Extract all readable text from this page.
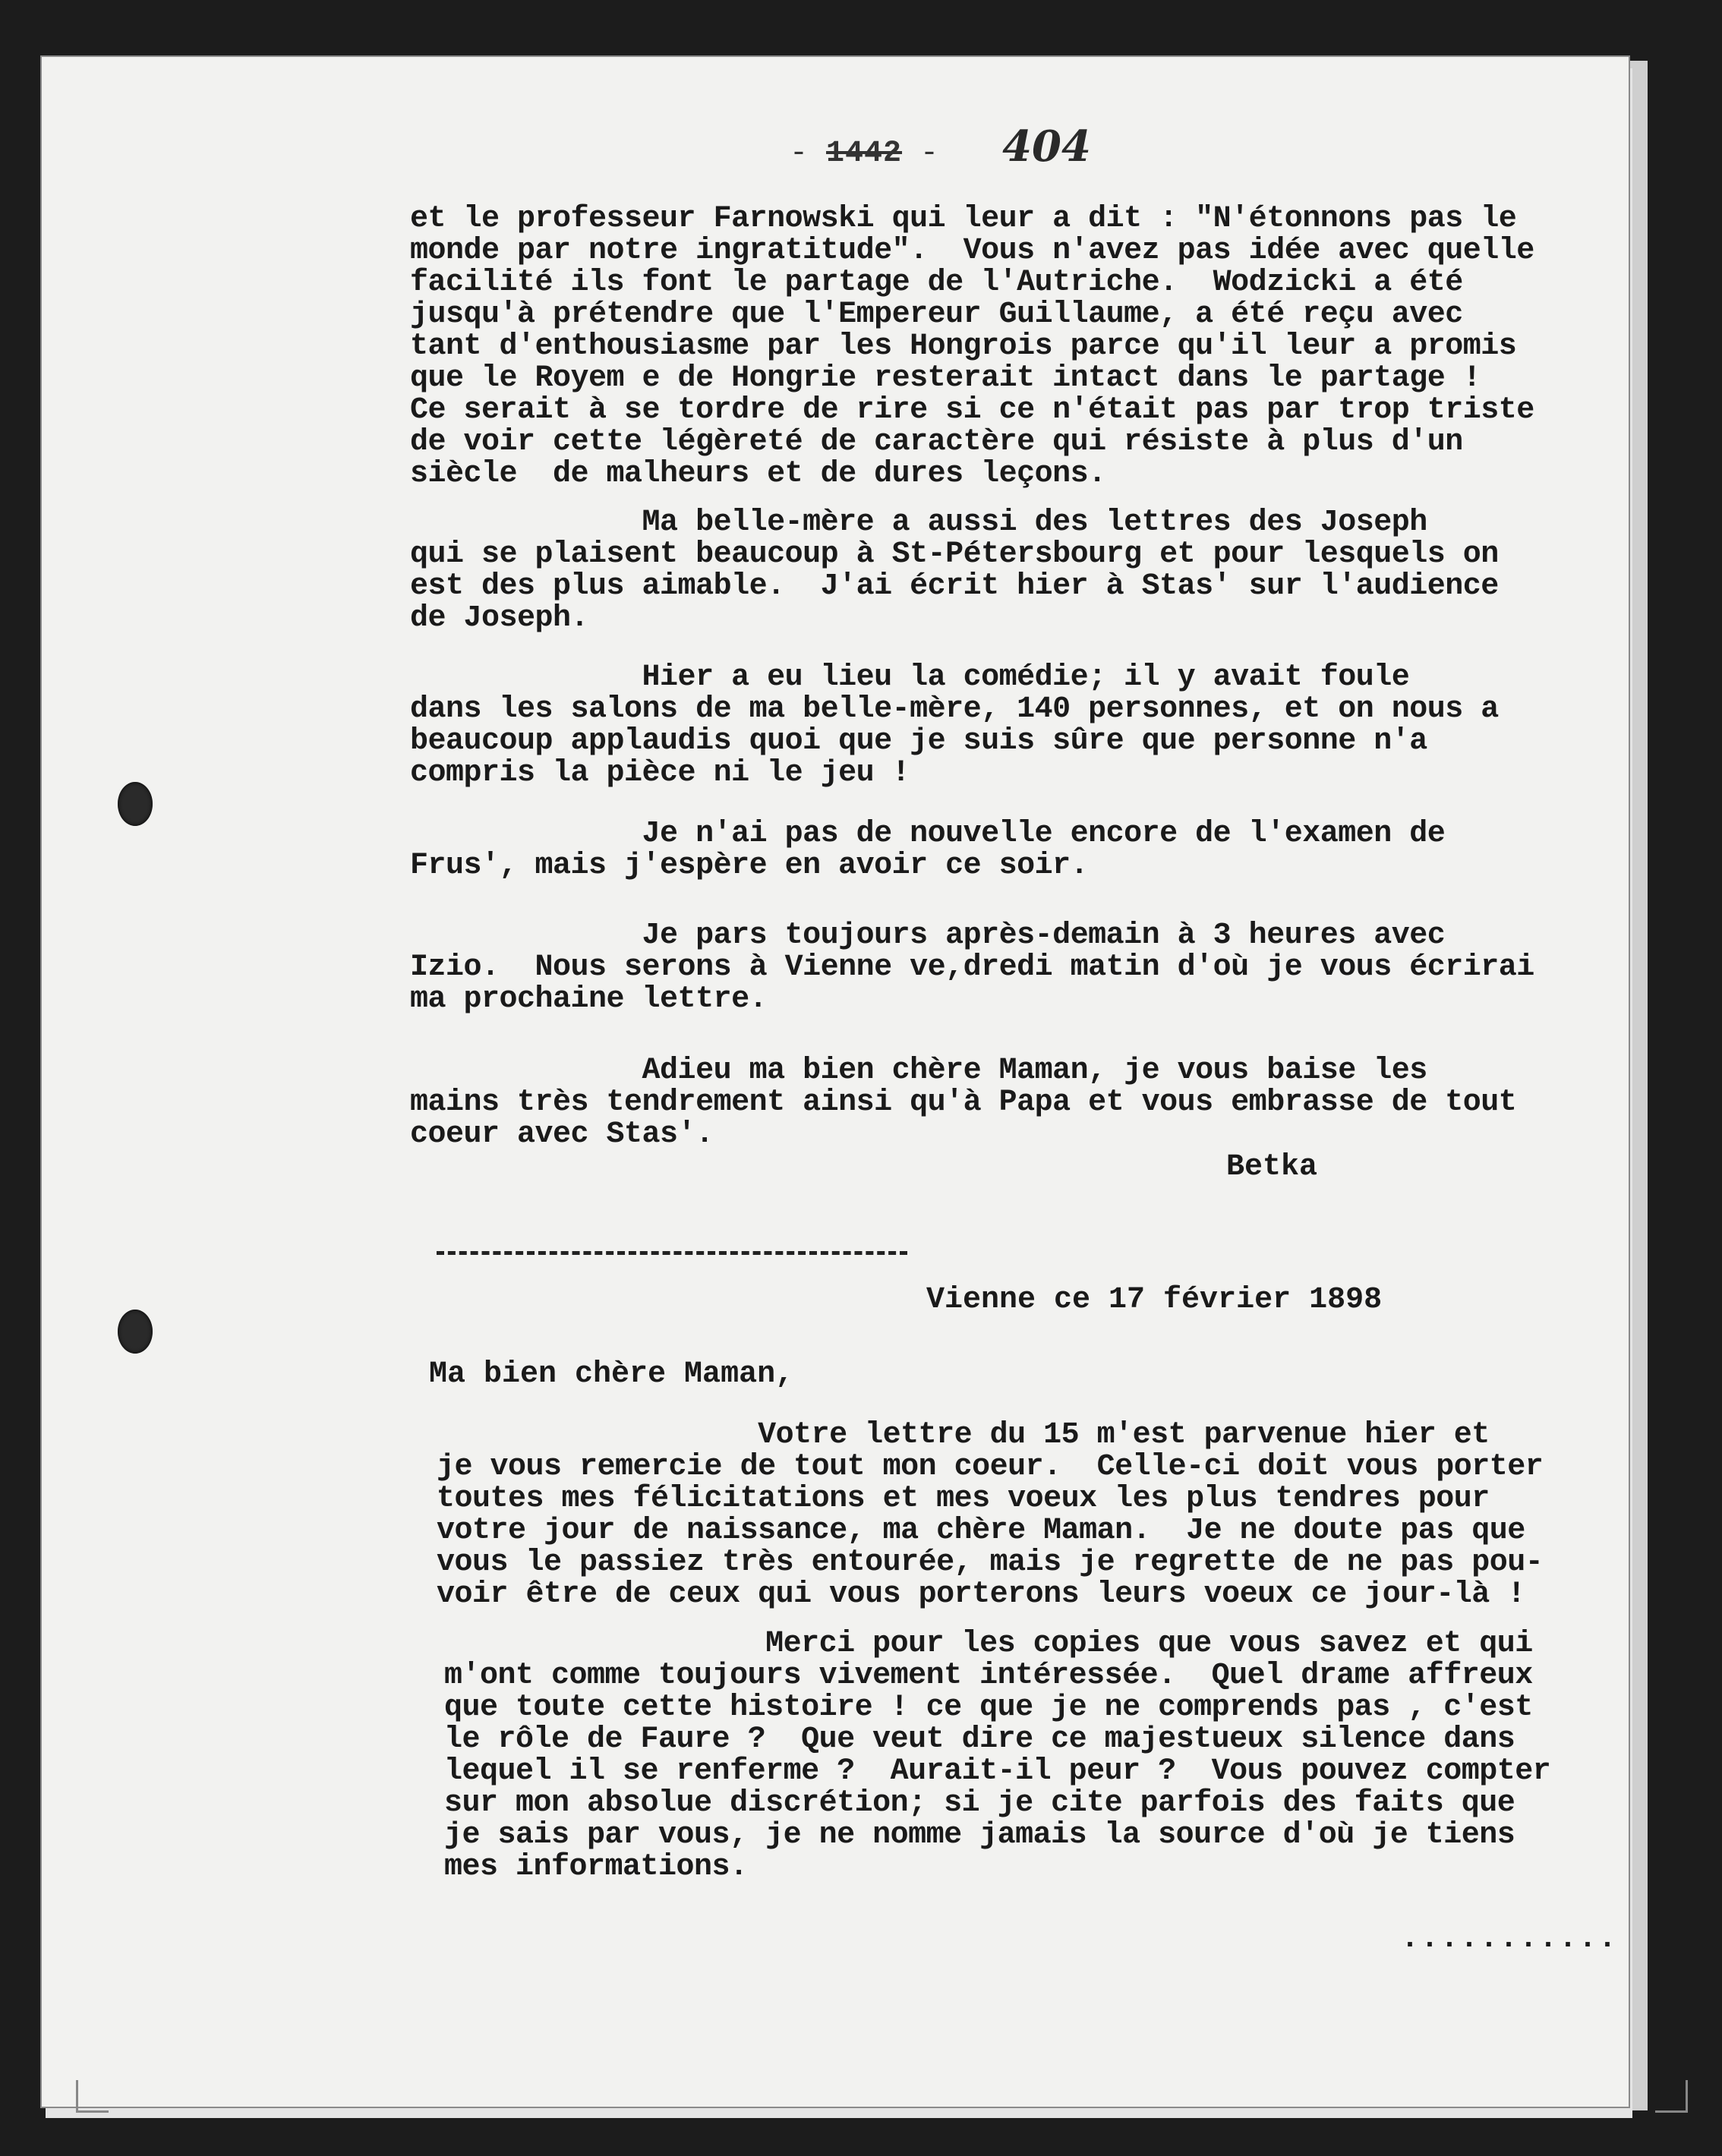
- 1442 - 404
et le professeur Farnowski qui leur a dit : "N'étonnons pas le
monde par notre ingratitude".  Vous n'avez pas idée avec quelle
facilité ils font le partage de l'Autriche.  Wodzicki a été
jusqu'à prétendre que l'Empereur Guillaume, a été reçu avec
tant d'enthousiasme par les Hongrois parce qu'il leur a promis
que le Royem e de Hongrie resterait intact dans le partage !
Ce serait à se tordre de rire si ce n'était pas par trop triste
de voir cette légèreté de caractère qui résiste à plus d'un
siècle  de malheurs et de dures leçons.
Ma belle-mère a aussi des lettres des Joseph
qui se plaisent beaucoup à St-Pétersbourg et pour lesquels on
est des plus aimable.  J'ai écrit hier à Stas' sur l'audience
de Joseph.
Hier a eu lieu la comédie; il y avait foule
dans les salons de ma belle-mère, 140 personnes, et on nous a
beaucoup applaudis quoi que je suis sûre que personne n'a
compris la pièce ni le jeu !
Je n'ai pas de nouvelle encore de l'examen de
Frus', mais j'espère en avoir ce soir.
Je pars toujours après-demain à 3 heures avec
Izio.  Nous serons à Vienne ve,dredi matin d'où je vous écrirai
ma prochaine lettre.
Adieu ma bien chère Maman, je vous baise les
mains très tendrement ainsi qu'à Papa et vous embrasse de tout
coeur avec Stas'.
Betka
Vienne ce 17 février 1898
Ma bien chère Maman,
Votre lettre du 15 m'est parvenue hier et
je vous remercie de tout mon coeur.  Celle-ci doit vous porter
toutes mes félicitations et mes voeux les plus tendres pour
votre jour de naissance, ma chère Maman.  Je ne doute pas que
vous le passiez très entourée, mais je regrette de ne pas pou-
voir être de ceux qui vous porterons leurs voeux ce jour-là !
Merci pour les copies que vous savez et qui
m'ont comme toujours vivement intéressée.  Quel drame affreux
que toute cette histoire ! ce que je ne comprends pas , c'est
le rôle de Faure ?  Que veut dire ce majestueux silence dans
lequel il se renferme ?  Aurait-il peur ?  Vous pouvez compter
sur mon absolue discrétion; si je cite parfois des faits que
je sais par vous, je ne nomme jamais la source d'où je tiens
mes informations.
...........
